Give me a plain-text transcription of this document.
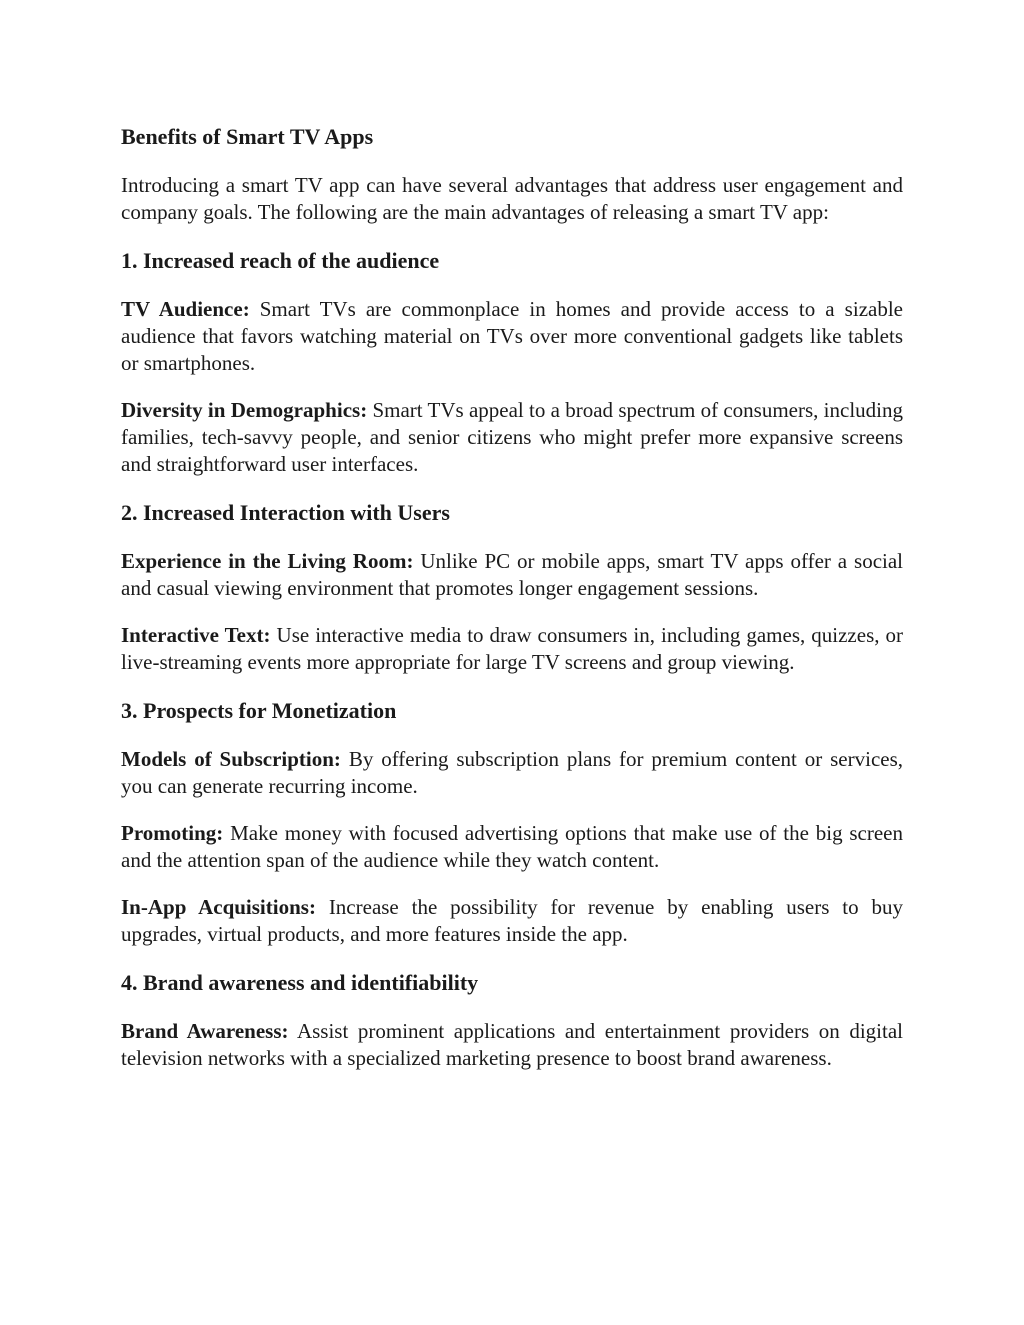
Benefits of Smart TV Apps

Introducing a smart TV app can have several advantages that address user engagement and company goals. The following are the main advantages of releasing a smart TV app:

1. Increased reach of the audience

TV Audience: Smart TVs are commonplace in homes and provide access to a sizable audience that favors watching material on TVs over more conventional gadgets like tablets or smartphones.

Diversity in Demographics: Smart TVs appeal to a broad spectrum of consumers, including families, tech-savvy people, and senior citizens who might prefer more expansive screens and straightforward user interfaces.

2. Increased Interaction with Users

Experience in the Living Room: Unlike PC or mobile apps, smart TV apps offer a social and casual viewing environment that promotes longer engagement sessions.

Interactive Text: Use interactive media to draw consumers in, including games, quizzes, or live-streaming events more appropriate for large TV screens and group viewing.

3. Prospects for Monetization

Models of Subscription: By offering subscription plans for premium content or services, you can generate recurring income.

Promoting: Make money with focused advertising options that make use of the big screen and the attention span of the audience while they watch content.

In-App Acquisitions: Increase the possibility for revenue by enabling users to buy upgrades, virtual products, and more features inside the app.

4. Brand awareness and identifiability

Brand Awareness: Assist prominent applications and entertainment providers on digital television networks with a specialized marketing presence to boost brand awareness.
